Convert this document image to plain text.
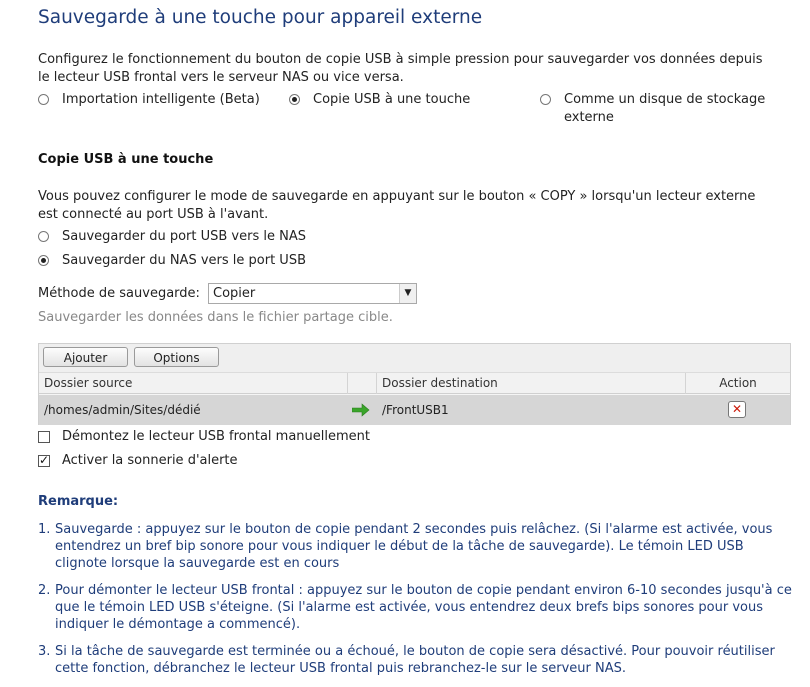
Sauvegarde à une touche pour appareil externe
Configurez le fonctionnement du bouton de copie USB à simple pression pour sauvegarder vos données depuis le lecteur USB frontal vers le serveur NAS ou vice versa.
Importation intelligente (Beta)	Copie USB à une touche	Comme un disque de stockage externe
Copie USB à une touche
Vous pouvez configurer le mode de sauvegarde en appuyant sur le bouton « COPY » lorsqu'un lecteur externe est connecté au port USB à l'avant.
Sauvegarder du port USB vers le NAS
Sauvegarder du NAS vers le port USB
Méthode de sauvegarde: Copier	▼
Sauvegarder les données dans le fichier partage cible.
Ajouter	Options
Dossier source	Dossier destination	Action
/homes/admin/Sites/dédié	/FrontUSB1	✕
Démontez le lecteur USB frontal manuellement
✓
Activer la sonnerie d'alerte
Remarque:
1. Sauvegarde : appuyez sur le bouton de copie pendant 2 secondes puis relâchez. (Si l'alarme est activée, vous entendrez un bref bip sonore pour vous indiquer le début de la tâche de sauvegarde). Le témoin LED USB clignote lorsque la sauvegarde est en cours
2. Pour démonter le lecteur USB frontal : appuyez sur le bouton de copie pendant environ 6-10 secondes jusqu'à ce que le témoin LED USB s'éteigne. (Si l'alarme est activée, vous entendrez deux brefs bips sonores pour vous indiquer le démontage a commencé).
3. Si la tâche de sauvegarde est terminée ou a échoué, le bouton de copie sera désactivé. Pour pouvoir réutiliser cette fonction, débranchez le lecteur USB frontal puis rebranchez-le sur le serveur NAS.
